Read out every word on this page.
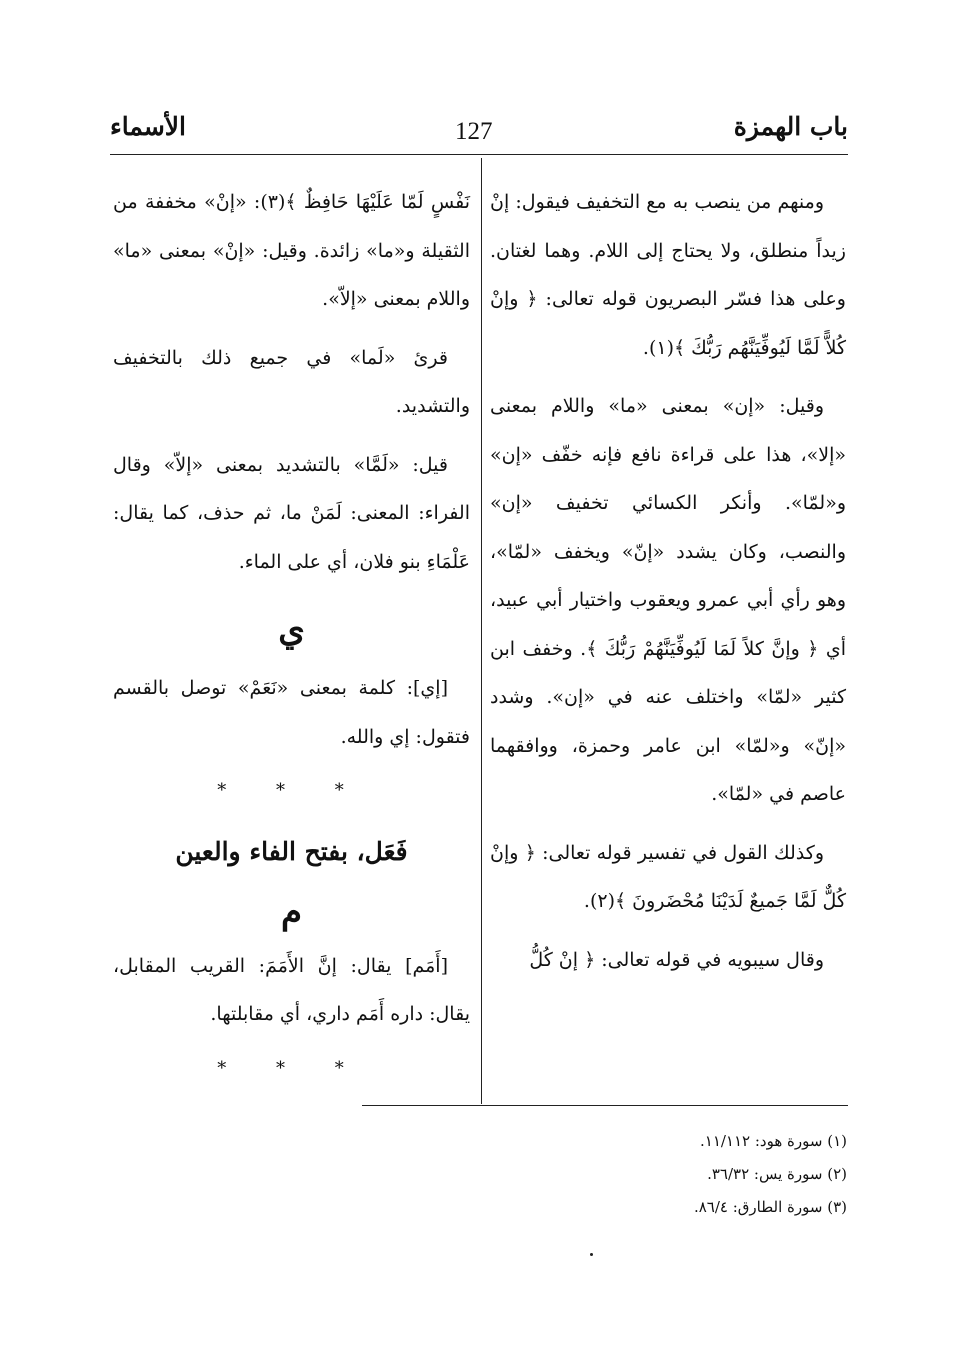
باب الهمزة
127
الأسماء

ومنهم من ينصب به مع التخفيف فيقول: إنْ زيداً منطلق، ولا يحتاج إلى اللام. وهما لغتان. وعلى هذا فسّر البصريون قوله تعالى: ﴿ وإنْ كُلاًّ لَمَّا لَيُوفِّيَنَّهُم رَبُّكَ ﴾(١).

وقيل: «إن» بمعنى «ما» واللام بمعنى «إلا»، هذا على قراءة نافع فإنه خفّف «إن» و«لمّا». وأنكر الكسائي تخفيف «إن» والنصب، وكان يشدد «إنّ» ويخفف «لمّا»، وهو رأي أبي عمرو ويعقوب واختيار أبي عبيد، أي ﴿ وإنَّ كلاً لَمَا لَيُوفِّيَنَّهُمْ رَبُّكَ ﴾. وخفف ابن كثير «لمّا» واختلف عنه في «إن». وشدد «إنّ» و«لمّا» ابن عامر وحمزة، ووافقهما عاصم في «لمّا».

وكذلك القول في تفسير قوله تعالى: ﴿ وإنْ كُلٌّ لَمَّا جَميعٌ لَدَيْنَا مُحْضَرونَ ﴾(٢).

وقال سيبويه في قوله تعالى: ﴿ إنْ كُلُّ

نَفْسٍ لَمّا عَلَيْهَا حَافِظٌ ﴾(٣): «إنْ» مخففة من الثقيلة و«ما» زائدة. وقيل: «إنْ» بمعنى «ما» واللام بمعنى «إلاّ».

قرئ «لَما» في جميع ذلك بالتخفيف والتشديد.

قيل: «لَمَّا» بالتشديد بمعنى «إلاّ» وقال الفراء: المعنى: لَمَنْ ما، ثم حذف، كما يقال: عَلْمَاءِ بنو فلان، أي على الماء.

ي

[إي]: كلمة بمعنى «نَعَمْ» توصل بالقسم فتقول: إي والله.

* * *

فَعَل، بفتح الفاء والعين

م

[أَمَم] يقال: إنَّ الأَمَمَ: القريب المقابل، يقال: داره أَمَم داري، أي مقابلتها.

* * *

(١) سورة هود: ١١/١١٢.
(٢) سورة يس: ٣٦/٣٢.
(٣) سورة الطارق: ٨٦/٤.
